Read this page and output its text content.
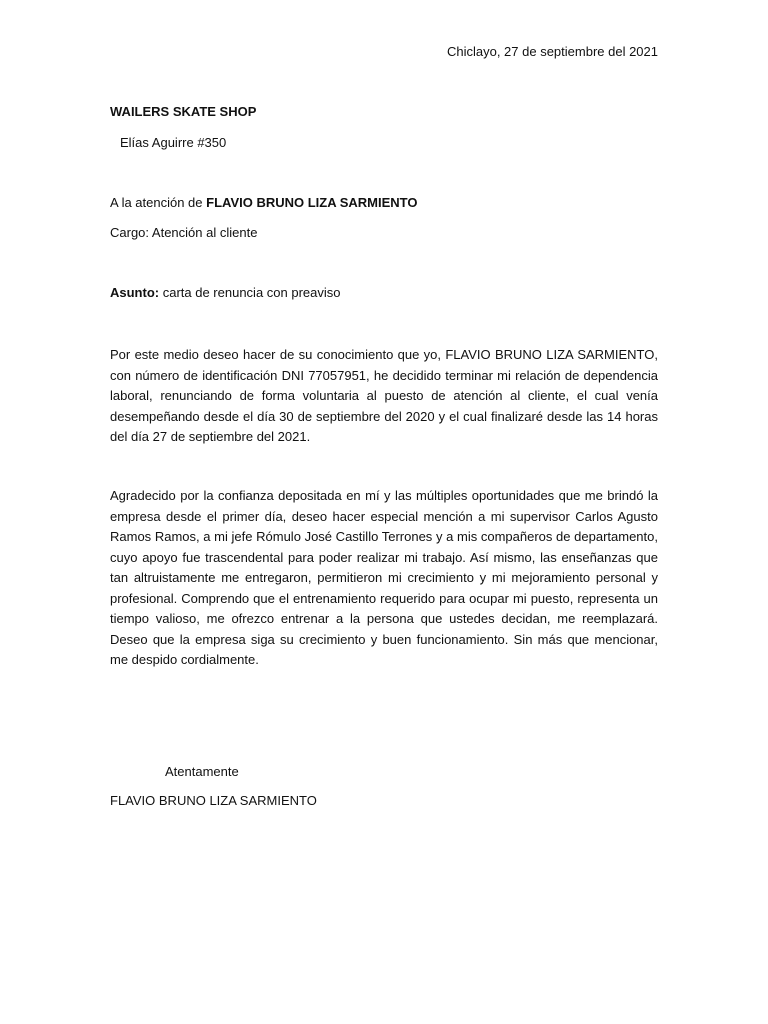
Chiclayo, 27 de septiembre del 2021
WAILERS SKATE SHOP
Elías Aguirre #350
A la atención de FLAVIO BRUNO LIZA SARMIENTO
Cargo: Atención al cliente
Asunto: carta de renuncia con preaviso
Por este medio deseo hacer de su conocimiento que yo, FLAVIO BRUNO LIZA SARMIENTO, con número de identificación DNI 77057951, he decidido terminar mi relación de dependencia laboral, renunciando de forma voluntaria al puesto de atención al cliente, el cual venía desempeñando desde el día 30 de septiembre del 2020 y el cual finalizaré desde las 14 horas del día 27 de septiembre del 2021.
Agradecido por la confianza depositada en mí y las múltiples oportunidades que me brindó la empresa desde el primer día, deseo hacer especial mención a mi supervisor Carlos Agusto Ramos Ramos, a mi jefe Rómulo José Castillo Terrones y a mis compañeros de departamento, cuyo apoyo fue trascendental para poder realizar mi trabajo. Así mismo, las enseñanzas que tan altruistamente me entregaron, permitieron mi crecimiento y mi mejoramiento personal y profesional. Comprendo que el entrenamiento requerido para ocupar mi puesto, representa un tiempo valioso, me ofrezco entrenar a la persona que ustedes decidan, me reemplazará. Deseo que la empresa siga su crecimiento y buen funcionamiento. Sin más que mencionar, me despido cordialmente.
Atentamente
FLAVIO BRUNO LIZA SARMIENTO
